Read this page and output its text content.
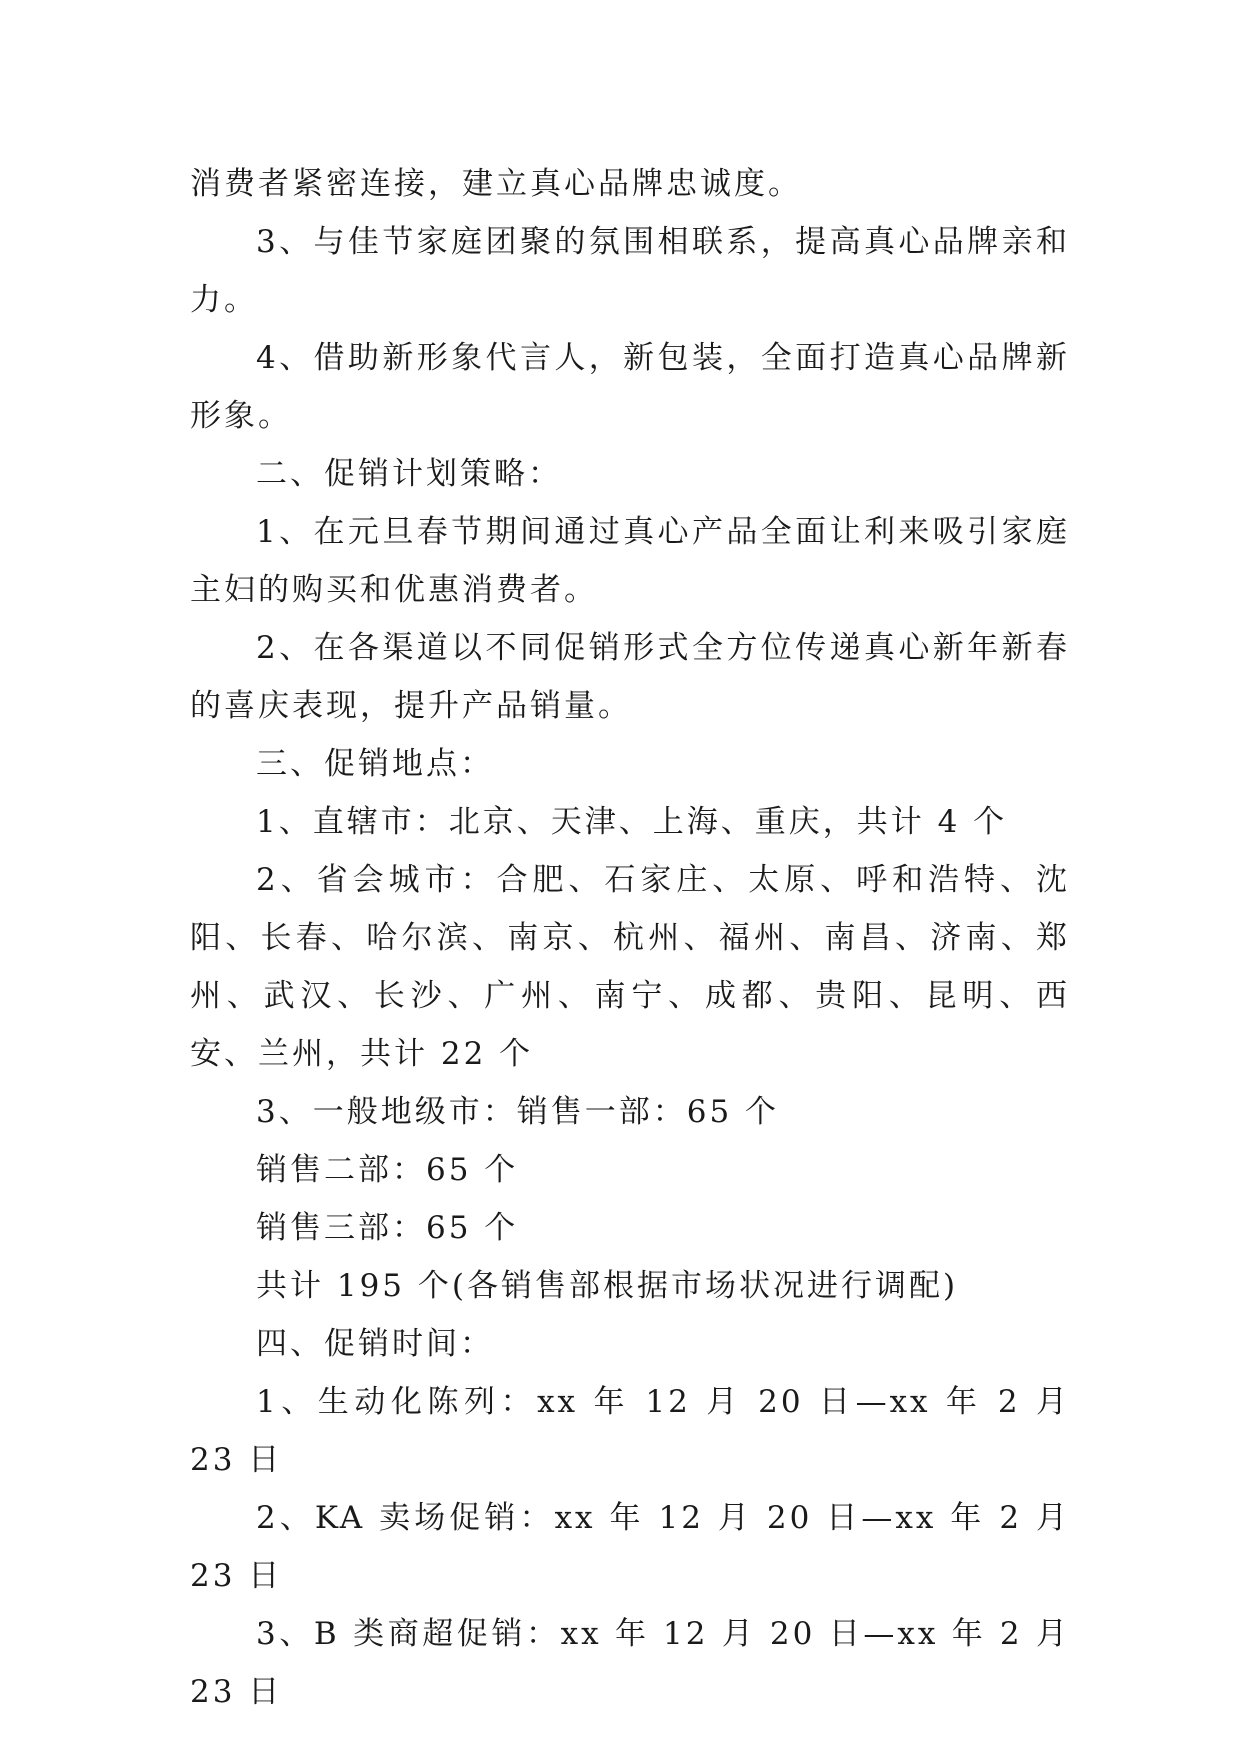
消费者紧密连接，建立真心品牌忠诚度。

3、与佳节家庭团聚的氛围相联系，提高真心品牌亲和力。

4、借助新形象代言人，新包装，全面打造真心品牌新形象。

二、促销计划策略：

1、在元旦春节期间通过真心产品全面让利来吸引家庭主妇的购买和优惠消费者。

2、在各渠道以不同促销形式全方位传递真心新年新春的喜庆表现，提升产品销量。

三、促销地点：

1、直辖市：北京、天津、上海、重庆，共计 4 个

2、省会城市：合肥、石家庄、太原、呼和浩特、沈阳、长春、哈尔滨、南京、杭州、福州、南昌、济南、郑州、武汉、长沙、广州、南宁、成都、贵阳、昆明、西安、兰州，共计 22 个

3、一般地级市：销售一部：65 个

销售二部：65 个

销售三部：65 个

共计 195 个(各销售部根据市场状况进行调配)

四、促销时间：

1、生动化陈列：xx 年 12 月 20 日—xx 年 2 月 23 日

2、KA 卖场促销：xx 年 12 月 20 日—xx 年 2 月 23 日

3、B 类商超促销：xx 年 12 月 20 日—xx 年 2 月 23 日
